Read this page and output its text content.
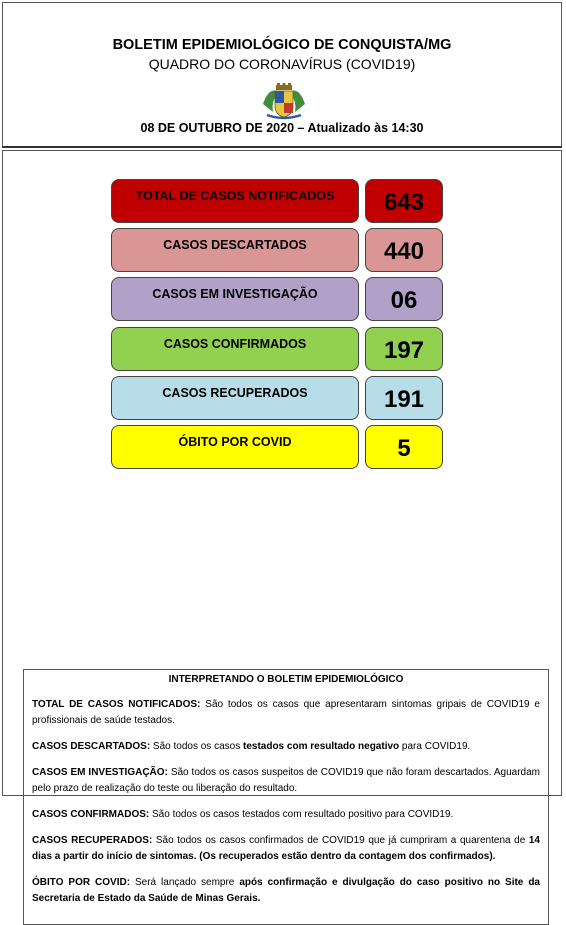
BOLETIM EPIDEMIOLÓGICO DE CONQUISTA/MG
QUADRO DO CORONAVÍRUS (COVID19)
08 DE OUTUBRO DE 2020 – Atualizado às 14:30
TOTAL DE CASOS NOTIFICADOS	643
CASOS DESCARTADOS	440
CASOS EM INVESTIGAÇÃO	06
CASOS CONFIRMADOS	197
CASOS RECUPERADOS	191
ÓBITO POR COVID	5
INTERPRETANDO O BOLETIM EPIDEMIOLÓGICO
TOTAL DE CASOS NOTIFICADOS: São todos os casos que apresentaram sintomas gripais de COVID19 e profissionais de saúde testados.
CASOS DESCARTADOS: São todos os casos testados com resultado negativo para COVID19.
CASOS EM INVESTIGAÇÃO: São todos os casos suspeitos de COVID19 que não foram descartados. Aguardam pelo prazo de realização do teste ou liberação do resultado.
CASOS CONFIRMADOS: São todos os casos testados com resultado positivo para COVID19.
CASOS RECUPERADOS: São todos os casos confirmados de COVID19 que já cumpriram a quarentena de 14 dias a partir do início de sintomas. (Os recuperados estão dentro da contagem dos confirmados).
ÓBITO POR COVID: Será lançado sempre após confirmação e divulgação do caso positivo no Site da Secretaria de Estado da Saúde de Minas Gerais.
